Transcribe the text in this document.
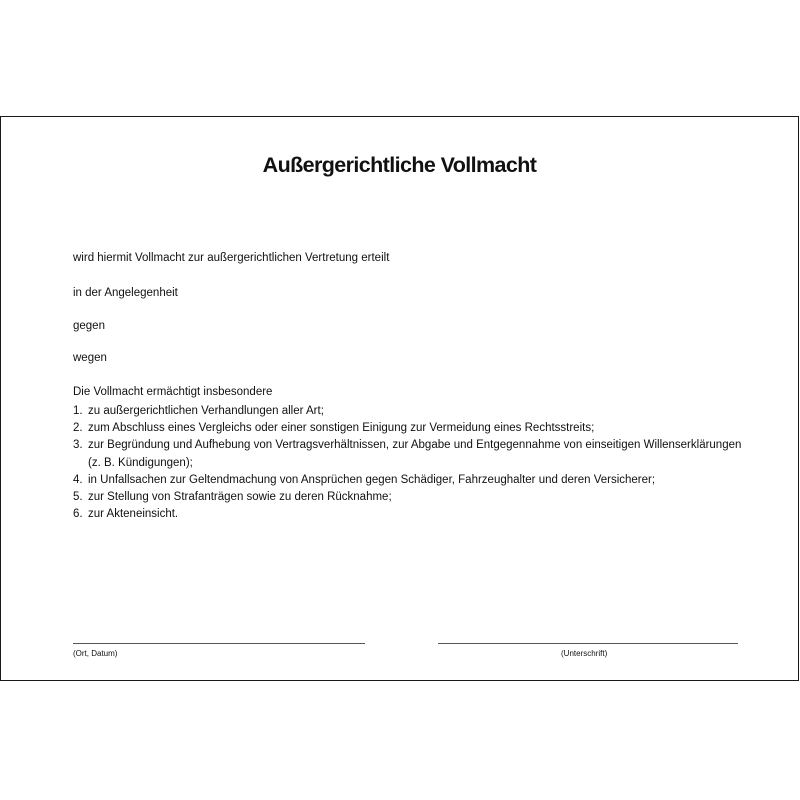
Außergerichtliche Vollmacht
wird hiermit Vollmacht zur außergerichtlichen Vertretung erteilt
in der Angelegenheit
gegen
wegen
Die Vollmacht ermächtigt insbesondere
1. zu außergerichtlichen Verhandlungen aller Art;
2. zum Abschluss eines Vergleichs oder einer sonstigen Einigung zur Vermeidung eines Rechtsstreits;
3. zur Begründung und Aufhebung von Vertragsverhältnissen, zur Abgabe und Entgegennahme von einseitigen Willenserklärungen (z. B. Kündigungen);
4. in Unfallsachen zur Geltendmachung von Ansprüchen gegen Schädiger, Fahrzeughalter und deren Versicherer;
5. zur Stellung von Strafanträgen sowie zu deren Rücknahme;
6. zur Akteneinsicht.
(Ort, Datum)	(Unterschrift)
